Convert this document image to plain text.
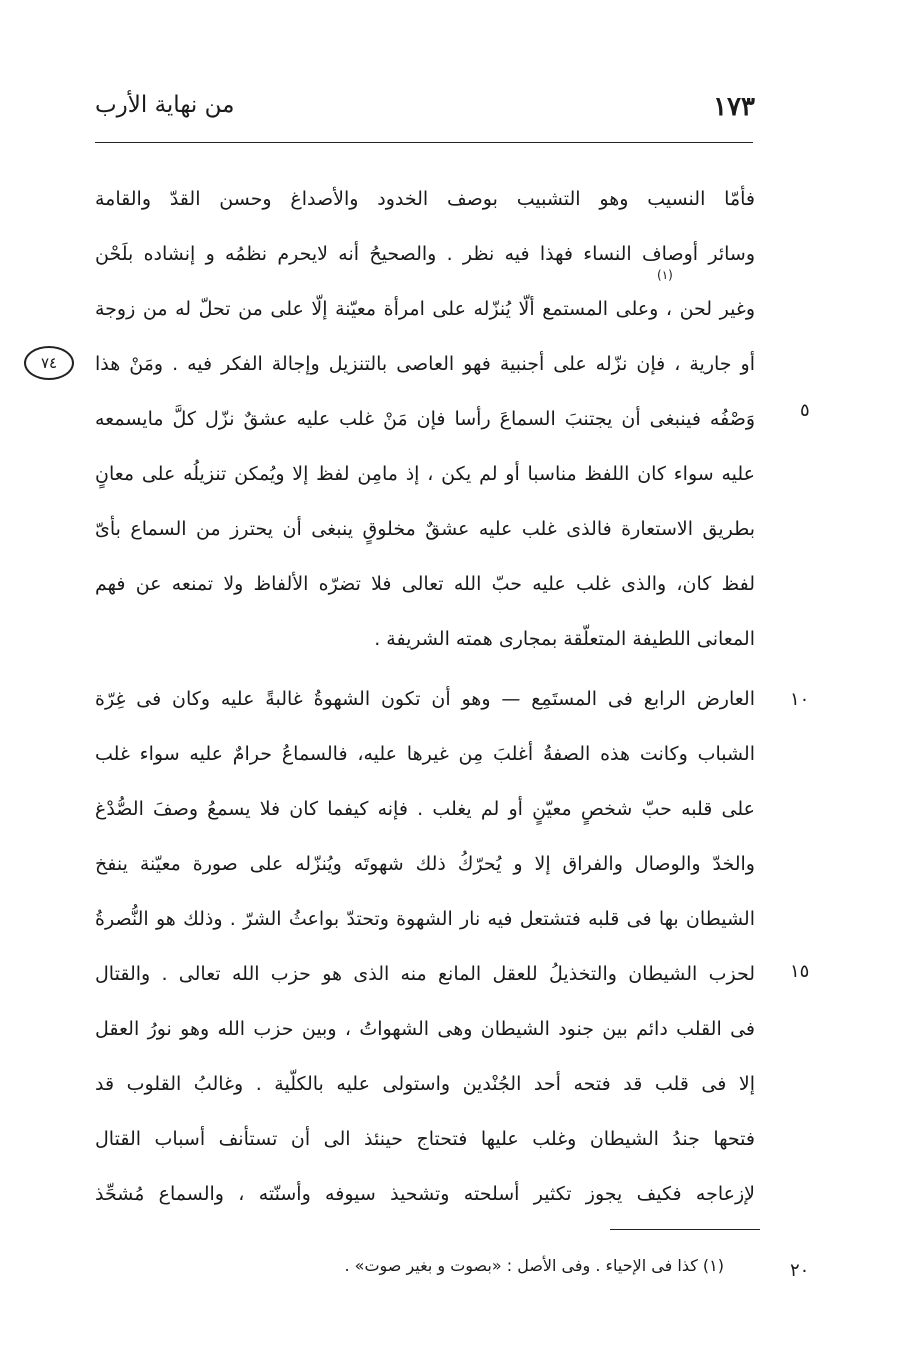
١٧٣
من نهاية الأرب
٧٤
٥
١٠
١٥
٢٠
فأمّا النسيب وهو التشبيب بوصف الخدود والأصداغ وحسن القدّ والقامة
وسائر أوصاف النساء فهذا فيه نظر . والصحيحُ أنه لايحرم نظمُه و إنشاده بلَحْن
وغير لحن ، وعلى المستمع ألّا يُنزّله على امرأة معيّنة إلّا على من تحلّ له من زوجة
أو جارية ، فإن نزّله على أجنبية فهو العاصى بالتنزيل وإجالة الفكر فيه . ومَنْ هذا
وَصْفُه فينبغى أن يجتنبَ السماعَ رأسا فإن مَنْ غلب عليه عشقٌ نزّل كلَّ مايسمعه
عليه سواء كان اللفظ مناسبا أو لم يكن ، إذ مامِن لفظ إلا ويُمكن تنزيلُه على معانٍ
بطريق الاستعارة فالذى غلب عليه عشقٌ مخلوقٍ ينبغى أن يحترز من السماع بأىّ
لفظ كان، والذى غلب عليه حبّ الله تعالى فلا تضرّه الألفاظ ولا تمنعه عن فهم
المعانى اللطيفة المتعلّقة بمجارى همته الشريفة .
العارض الرابع فى المستَمِع — وهو أن تكون الشهوةُ غالبةً عليه وكان فى غِرّة
الشباب وكانت هذه الصفةُ أغلبَ مِن غيرها عليه، فالسماعُ حرامٌ عليه سواء غلب
على قلبه حبّ شخصٍ معيّنٍ أو لم يغلب . فإنه كيفما كان فلا يسمعُ وصفَ الصُّدْغ
والخدّ والوصال والفراق إلا و يُحرّكُ ذلك شهوتَه ويُنزّله على صورة معيّنة ينفخ
الشيطان بها فى قلبه فتشتعل فيه نار الشهوة وتحتدّ بواعثُ الشرّ . وذلك هو النُّصرةُ
لحزب الشيطان والتخذيلُ للعقل المانع منه الذى هو حزب الله تعالى . والقتال
فى القلب دائم بين جنود الشيطان وهى الشهواتُ ، وبين حزب الله وهو نورُ العقل
إلا فى قلب قد فتحه أحد الجُنْدين واستولى عليه بالكلّية . وغالبُ القلوب قد
فتحها جندُ الشيطان وغلب عليها فتحتاج حينئذ الى أن تستأنف أسباب القتال
لإزعاجه فكيف يجوز تكثير أسلحته وتشحيذ سيوفه وأسنّته ، والسماع مُشحِّذ
(١)
(١) كذا فى الإحياء . وفى الأصل : «بصوت و بغير صوت» .
